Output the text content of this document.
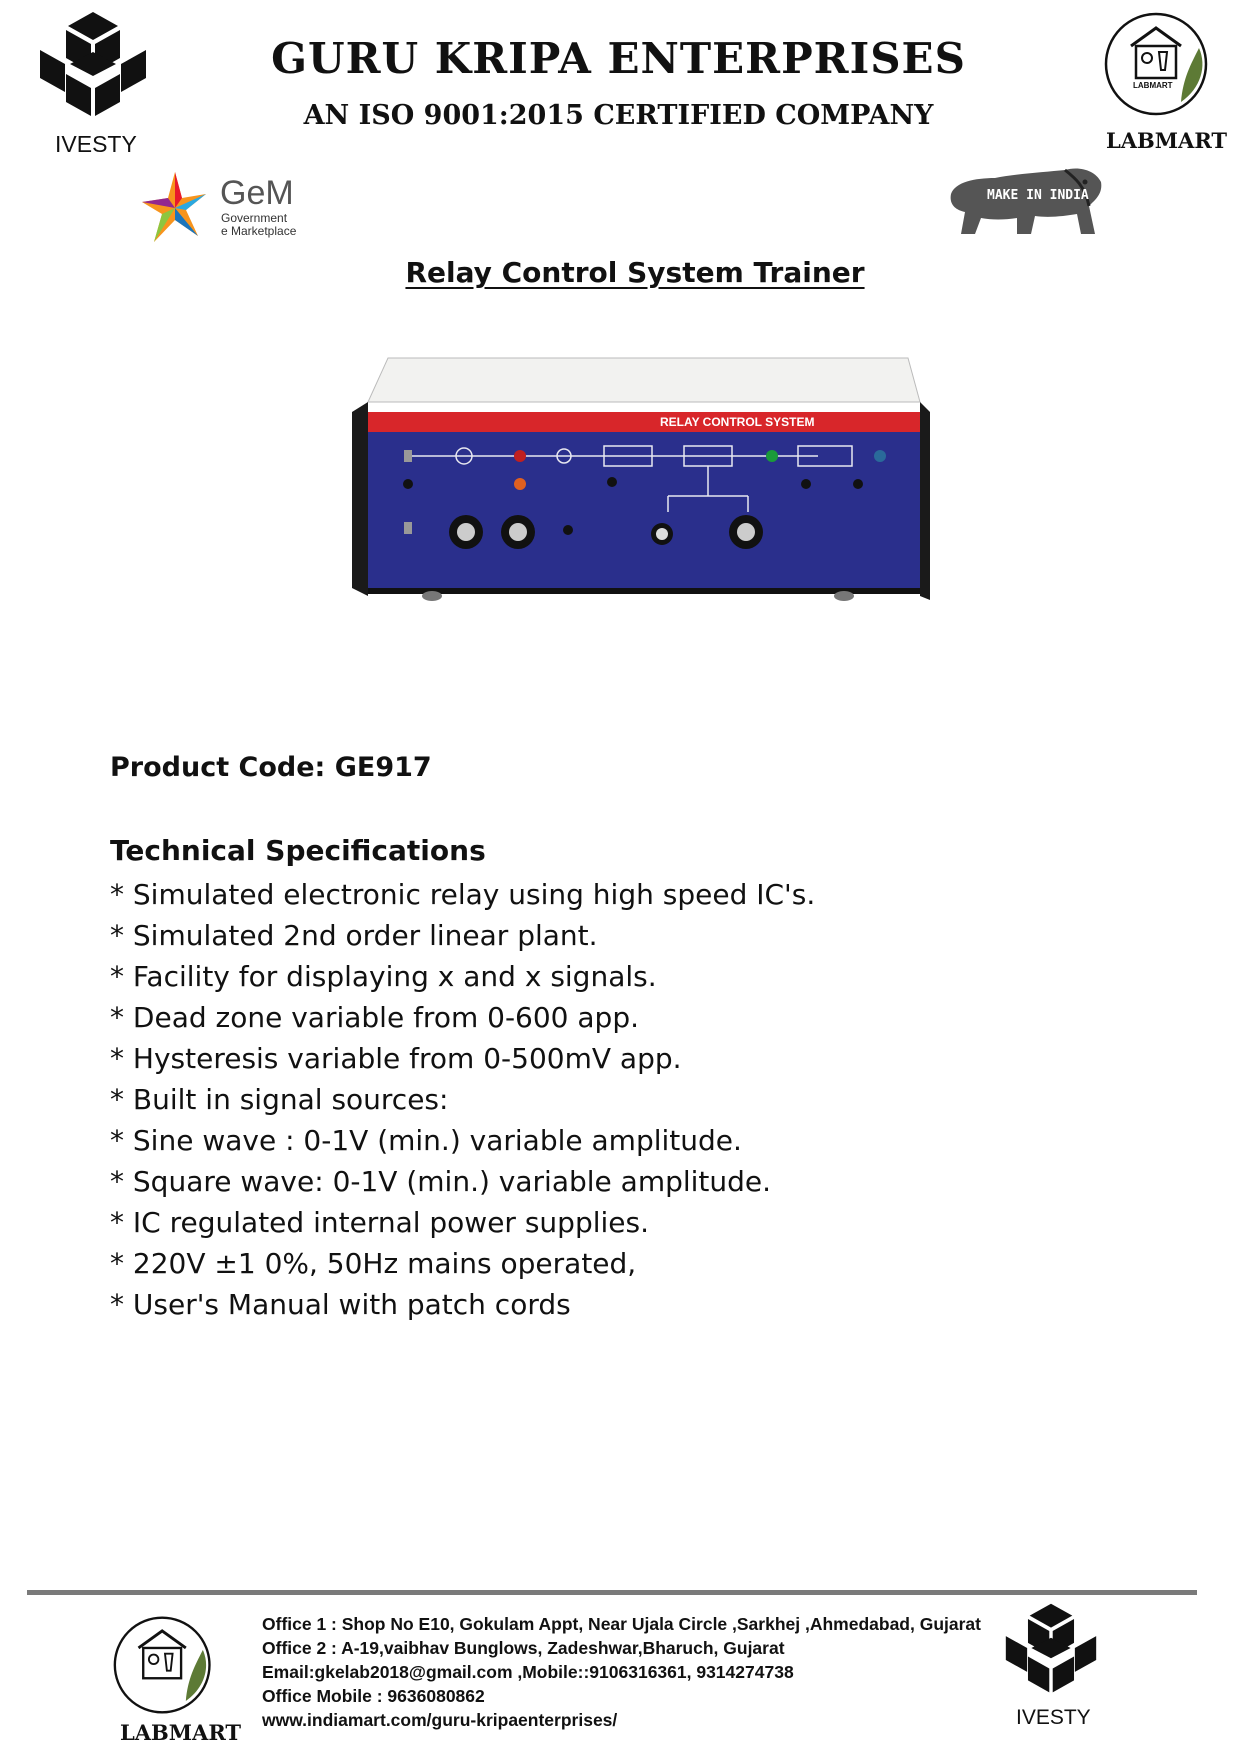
IVESTY
GURU KRIPA ENTERPRISES
AN ISO 9001:2015 CERTIFIED COMPANY
LABMART
LABMART
GeM
Government
e Marketplace
MAKE IN INDIA
Relay Control System Trainer
RELAY CONTROL SYSTEM
Product Code: GE917
Technical Specifications
* Simulated electronic relay using high speed IC's.
* Simulated 2nd order linear plant.
* Facility for displaying x and x signals.
* Dead zone variable from 0-600 app.
* Hysteresis variable from 0-500mV app.
* Built in signal sources:
* Sine wave : 0-1V (min.) variable amplitude.
* Square wave: 0-1V (min.) variable amplitude.
* IC regulated internal power supplies.
* 220V ±1 0%, 50Hz mains operated,
* User's Manual with patch cords
LABMART
Office 1 : Shop No E10, Gokulam Appt, Near Ujala Circle ,Sarkhej ,Ahmedabad, Gujarat
Office 2 : A-19,vaibhav Bunglows, Zadeshwar,Bharuch, Gujarat
Email:gkelab2018@gmail.com ,Mobile::9106316361, 9314274738
Office Mobile : 9636080862
www.indiamart.com/guru-kripaenterprises/	IVESTY
